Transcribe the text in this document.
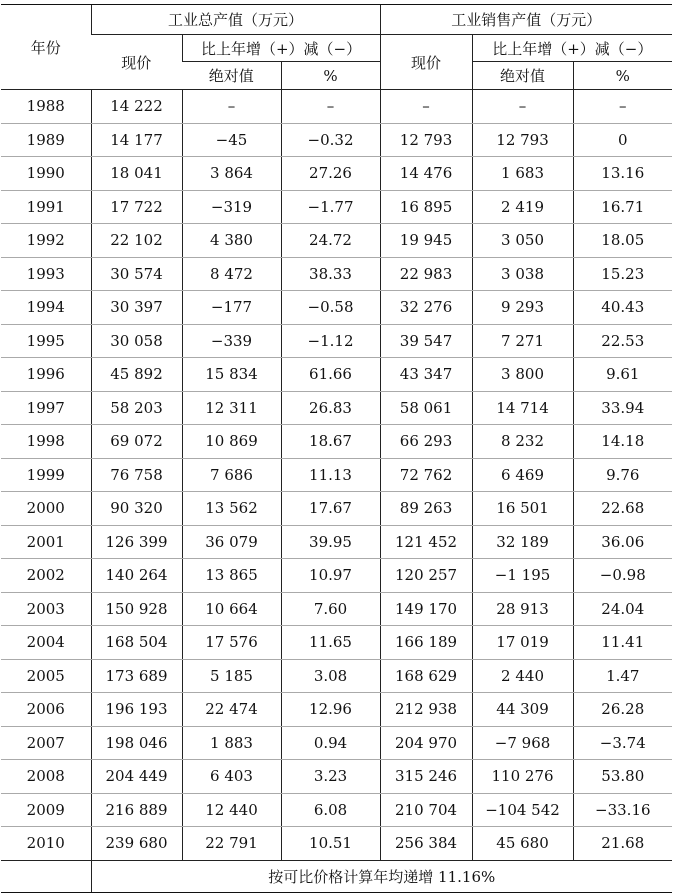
年份	工业总产值（万元）			工业销售产值（万元）		
	现价	比上年增（+）减（−）		现价	比上年增（+）减（−）	
		绝对值	%		绝对值	%
1988	14 222	–	–	–	–	–
1989	14 177	−45	−0.32	12 793	12 793	0
1990	18 041	3 864	27.26	14 476	1 683	13.16
1991	17 722	−319	−1.77	16 895	2 419	16.71
1992	22 102	4 380	24.72	19 945	3 050	18.05
1993	30 574	8 472	38.33	22 983	3 038	15.23
1994	30 397	−177	−0.58	32 276	9 293	40.43
1995	30 058	−339	−1.12	39 547	7 271	22.53
1996	45 892	15 834	61.66	43 347	3 800	9.61
1997	58 203	12 311	26.83	58 061	14 714	33.94
1998	69 072	10 869	18.67	66 293	8 232	14.18
1999	76 758	7 686	11.13	72 762	6 469	9.76
2000	90 320	13 562	17.67	89 263	16 501	22.68
2001	126 399	36 079	39.95	121 452	32 189	36.06
2002	140 264	13 865	10.97	120 257	−1 195	−0.98
2003	150 928	10 664	7.60	149 170	28 913	24.04
2004	168 504	17 576	11.65	166 189	17 019	11.41
2005	173 689	5 185	3.08	168 629	2 440	1.47
2006	196 193	22 474	12.96	212 938	44 309	26.28
2007	198 046	1 883	0.94	204 970	−7 968	−3.74
2008	204 449	6 403	3.23	315 246	110 276	53.80
2009	216 889	12 440	6.08	210 704	−104 542	−33.16
2010	239 680	22 791	10.51	256 384	45 680	21.68
	按可比价格计算年均递增 11.16%					
